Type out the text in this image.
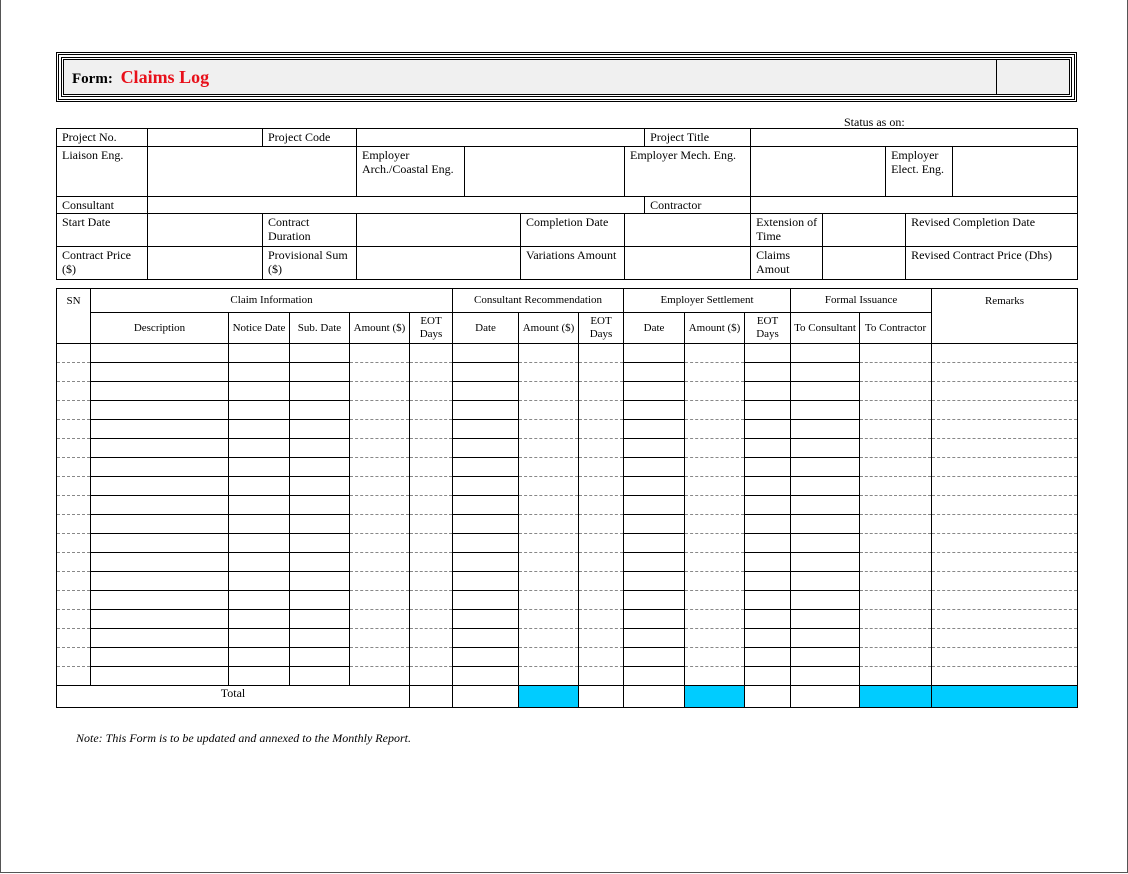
Form: Claims Log
Status as on:
Project No.		Project Code					Project Title						
Liaison Eng.			Employer Arch./Coastal Eng.			Employer Mech. Eng.				Employer Elect. Eng.			
Consultant							Contractor						
Start Date		Contract Duration			Completion Date			Extension of Time			Revised Completion Date		
Contract Price ($)		Provisional Sum ($)			Variations Amount			Claims Amout			Revised Contract Price (Dhs)		
SN	Claim Information					Consultant Recommendation			Employer Settlement			Formal Issuance		Remarks	
	Description	Notice Date	Sub. Date	Amount ($)	EOT Days	Date	Amount ($)	EOT Days	Date	Amount ($)	EOT Days	To Consultant	To Contractor		

Total															
Note: This Form is to be updated and annexed to the Monthly Report.
